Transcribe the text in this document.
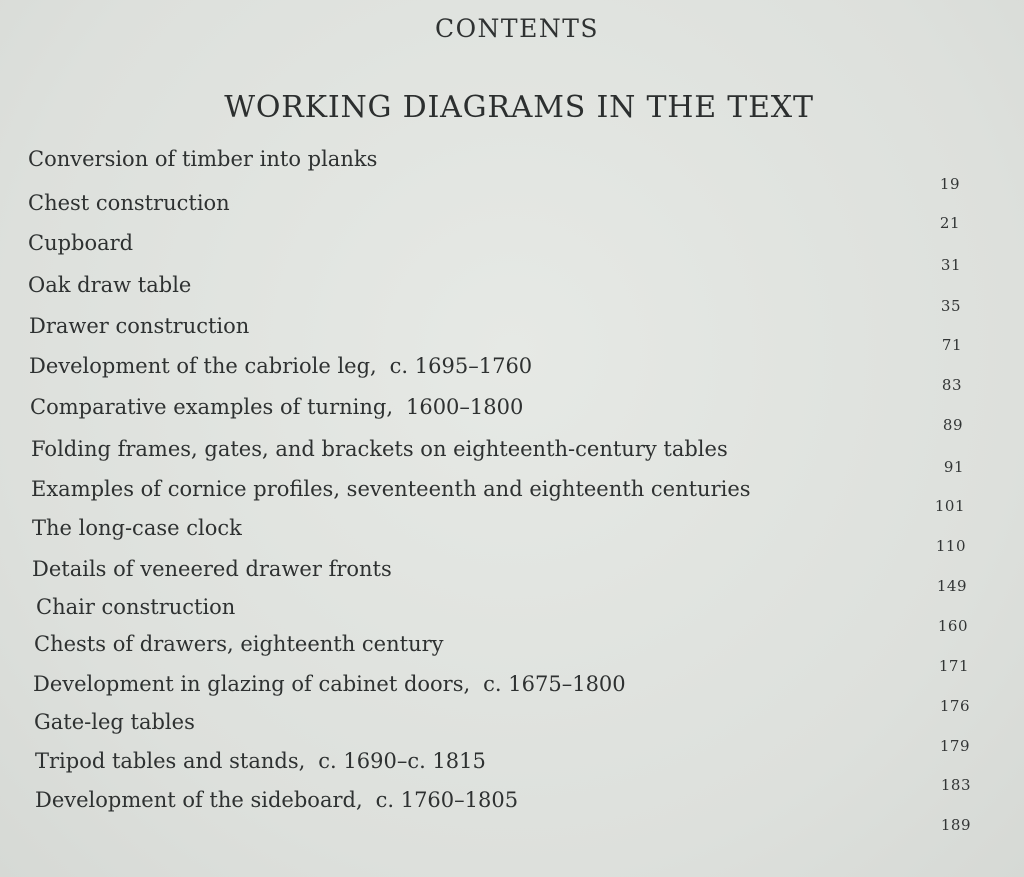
CONTENTS
WORKING DIAGRAMS IN THE TEXT
Conversion of timber into planks
19
Chest construction
21
Cupboard
31
Oak draw table
35
Drawer construction
71
Development of the cabriole leg, c. 1695–1760
83
Comparative examples of turning, 1600–1800
89
Folding frames, gates, and brackets on eighteenth-century tables
91
Examples of cornice profiles, seventeenth and eighteenth centuries
101
The long-case clock
110
Details of veneered drawer fronts
149
Chair construction
160
Chests of drawers, eighteenth century
171
Development in glazing of cabinet doors, c. 1675–1800
176
Gate-leg tables
179
Tripod tables and stands, c. 1690–c. 1815
183
Development of the sideboard, c. 1760–1805
189
